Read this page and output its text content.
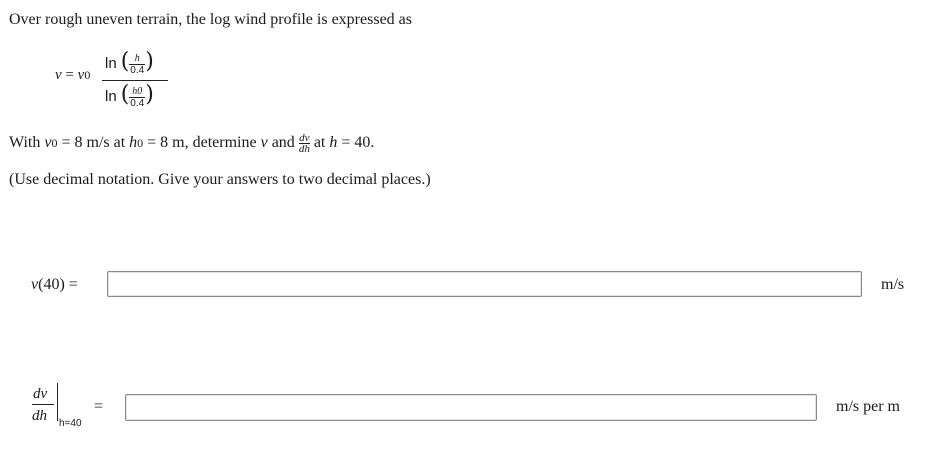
Over rough uneven terrain, the log wind profile is expressed as
v = v0
ln ( $\frac{h}{0.4}$ )
ln ( $\frac{h0}{0.4}$ )
With v0 = 8 m/s at h0 = 8 m, determine v and $\frac{dv}{dh}$ at h = 40.
(Use decimal notation. Give your answers to two decimal places.)
v(40) =	m/s
dv
dh h=40
=	m/s per m
